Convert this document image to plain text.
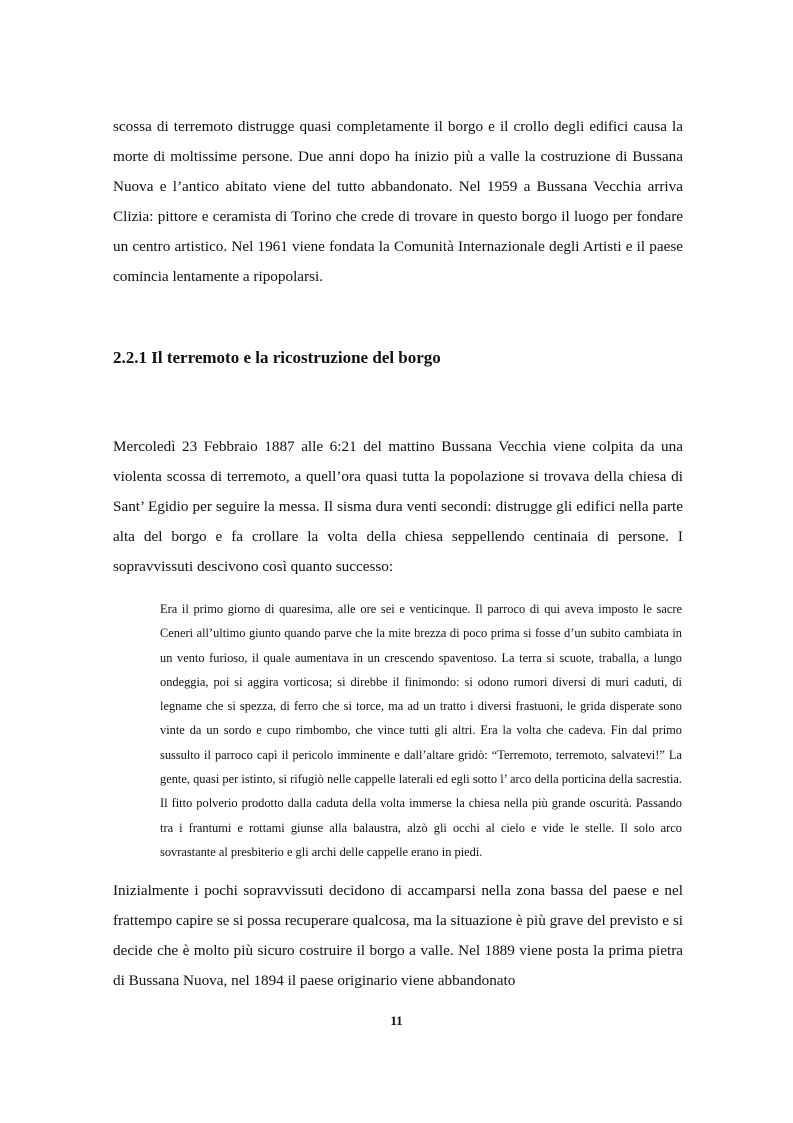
scossa di terremoto distrugge quasi completamente il borgo e il crollo degli edifici causa la morte di moltissime persone. Due anni dopo ha inizio più a valle la costruzione di Bussana Nuova e l’antico abitato viene del tutto abbandonato. Nel 1959 a Bussana Vecchia arriva Clizia: pittore e ceramista di Torino che crede di trovare in questo borgo il luogo per fondare un centro artistico. Nel 1961 viene fondata la Comunità Internazionale degli Artisti e il paese comincia lentamente a ripopolarsi.

2.2.1 Il terremoto e la ricostruzione del borgo

Mercoledì 23 Febbraio 1887 alle 6:21 del mattino Bussana Vecchia viene colpita da una violenta scossa di terremoto, a quell’ora quasi tutta la popolazione si trovava della chiesa di Sant’ Egidio per seguire la messa. Il sisma dura venti secondi: distrugge gli edifici nella parte alta del borgo e fa crollare la volta della chiesa seppellendo centinaia di persone. I sopravvissuti descivono così quanto successo:

Era il primo giorno di quaresima, alle ore sei e venticinque. Il parroco di qui aveva imposto le sacre Ceneri all’ultimo giunto quando parve che la mite brezza di poco prima si fosse d’un subito cambiata in un vento furioso, il quale aumentava in un crescendo spaventoso. La terra si scuote, traballa, a lungo ondeggia, poi si aggira vorticosa; si direbbe il finimondo: si odono rumori diversi di muri caduti, di legname che si spezza, di ferro che si torce, ma ad un tratto i diversi frastuoni, le grida disperate sono vinte da un sordo e cupo rimbombo, che vince tutti gli altri. Era la volta che cadeva. Fin dal primo sussulto il parroco capì il pericolo imminente e dall’altare gridò: “Terremoto, terremoto, salvatevi!” La gente, quasi per istinto, si rifugiò nelle cappelle laterali ed egli sotto l’ arco della porticina della sacrestia. Il fitto polverio prodotto dalla caduta della volta immerse la chiesa nella più grande oscurità. Passando tra i frantumi e rottami giunse alla balaustra, alzò gli occhi al cielo e vide le stelle. Il solo arco sovrastante al presbiterio e gli archi delle cappelle erano in piedi.

Inizialmente i pochi sopravvissuti decidono di accamparsi nella zona bassa del paese e nel frattempo capire se si possa recuperare qualcosa, ma la situazione è più grave del previsto e si decide che è molto più sicuro costruire il borgo a valle. Nel 1889 viene posta la prima pietra di Bussana Nuova, nel 1894 il paese originario viene abbandonato

11
